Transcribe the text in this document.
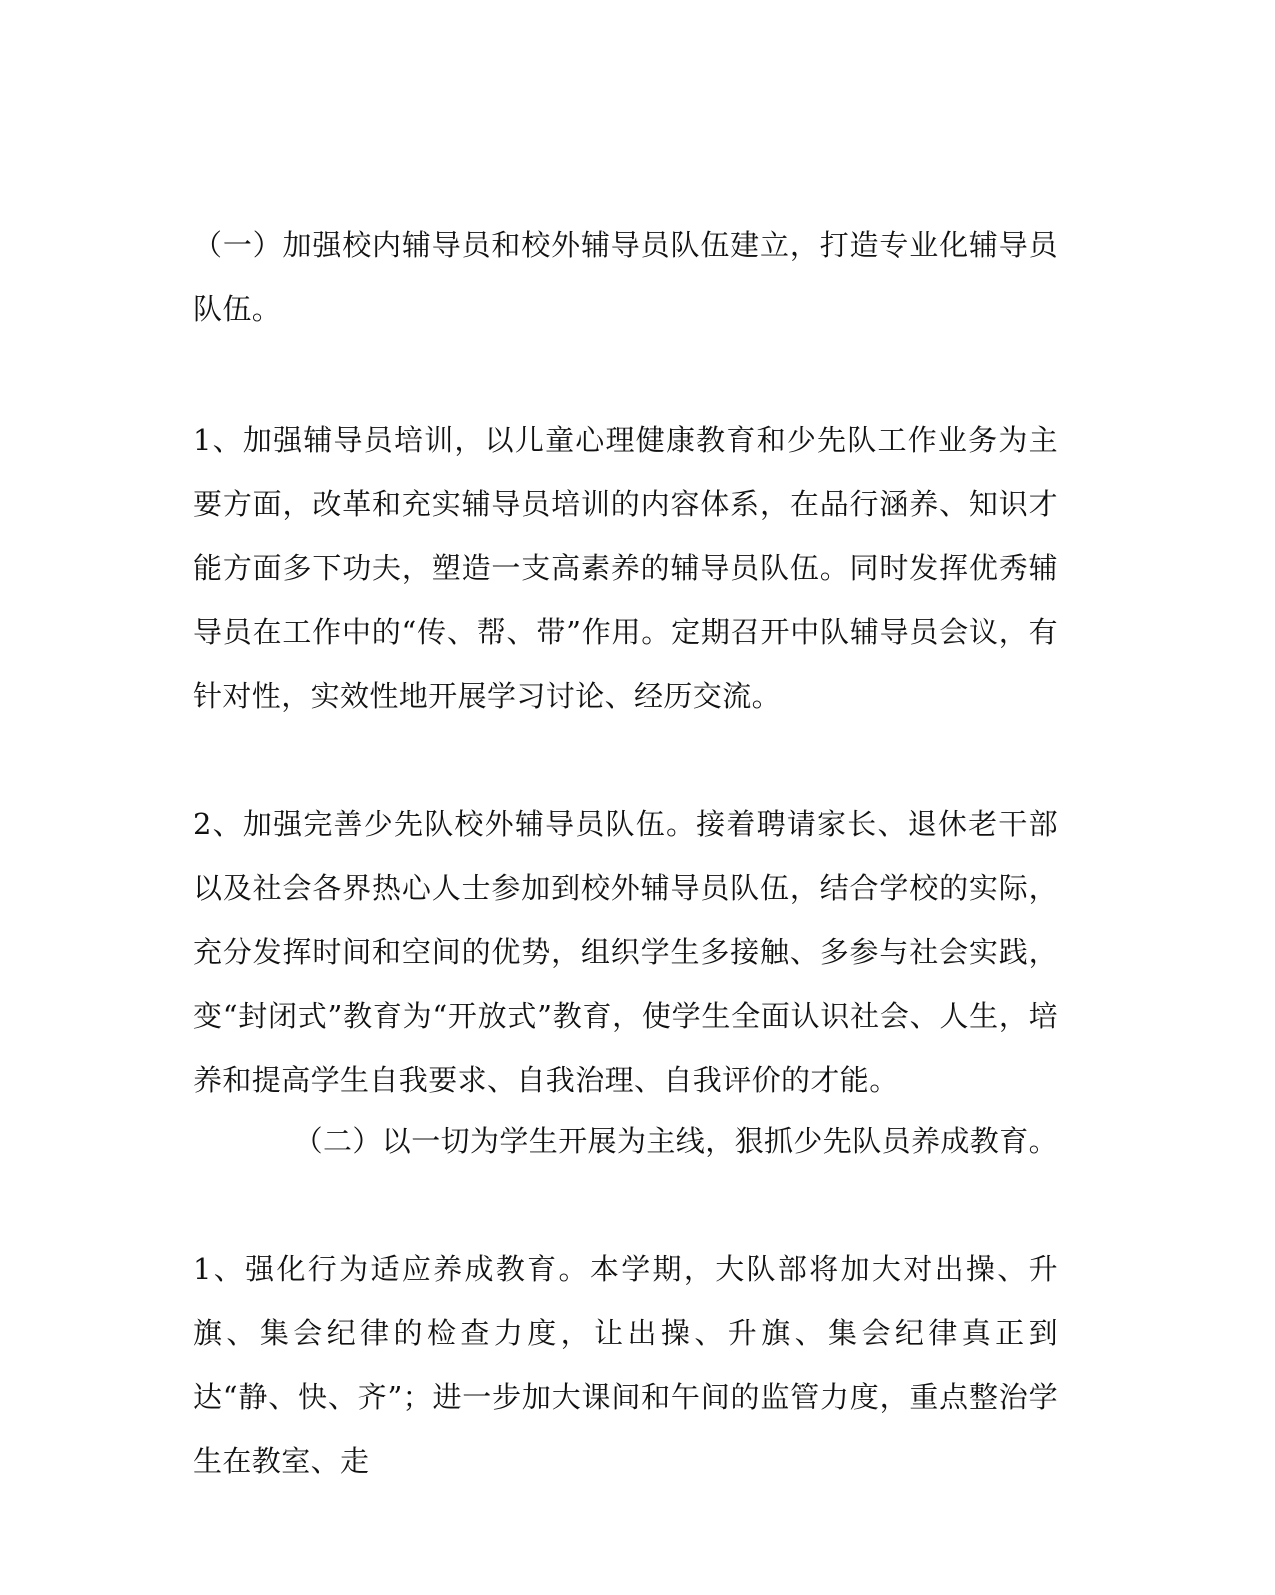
（一）加强校内辅导员和校外辅导员队伍建立，打造专业化辅导员队伍。

1、加强辅导员培训，以儿童心理健康教育和少先队工作业务为主要方面，改革和充实辅导员培训的内容体系，在品行涵养、知识才能方面多下功夫，塑造一支高素养的辅导员队伍。同时发挥优秀辅导员在工作中的“传、帮、带”作用。定期召开中队辅导员会议，有针对性，实效性地开展学习讨论、经历交流。

2、加强完善少先队校外辅导员队伍。接着聘请家长、退休老干部以及社会各界热心人士参加到校外辅导员队伍，结合学校的实际，充分发挥时间和空间的优势，组织学生多接触、多参与社会实践，变“封闭式”教育为“开放式”教育，使学生全面认识社会、人生，培养和提高学生自我要求、自我治理、自我评价的才能。

（二）以一切为学生开展为主线，狠抓少先队员养成教育。

1、强化行为适应养成教育。本学期，大队部将加大对出操、升旗、集会纪律的检查力度，让出操、升旗、集会纪律真正到达“静、快、齐”；进一步加大课间和午间的监管力度，重点整治学生在教室、走
